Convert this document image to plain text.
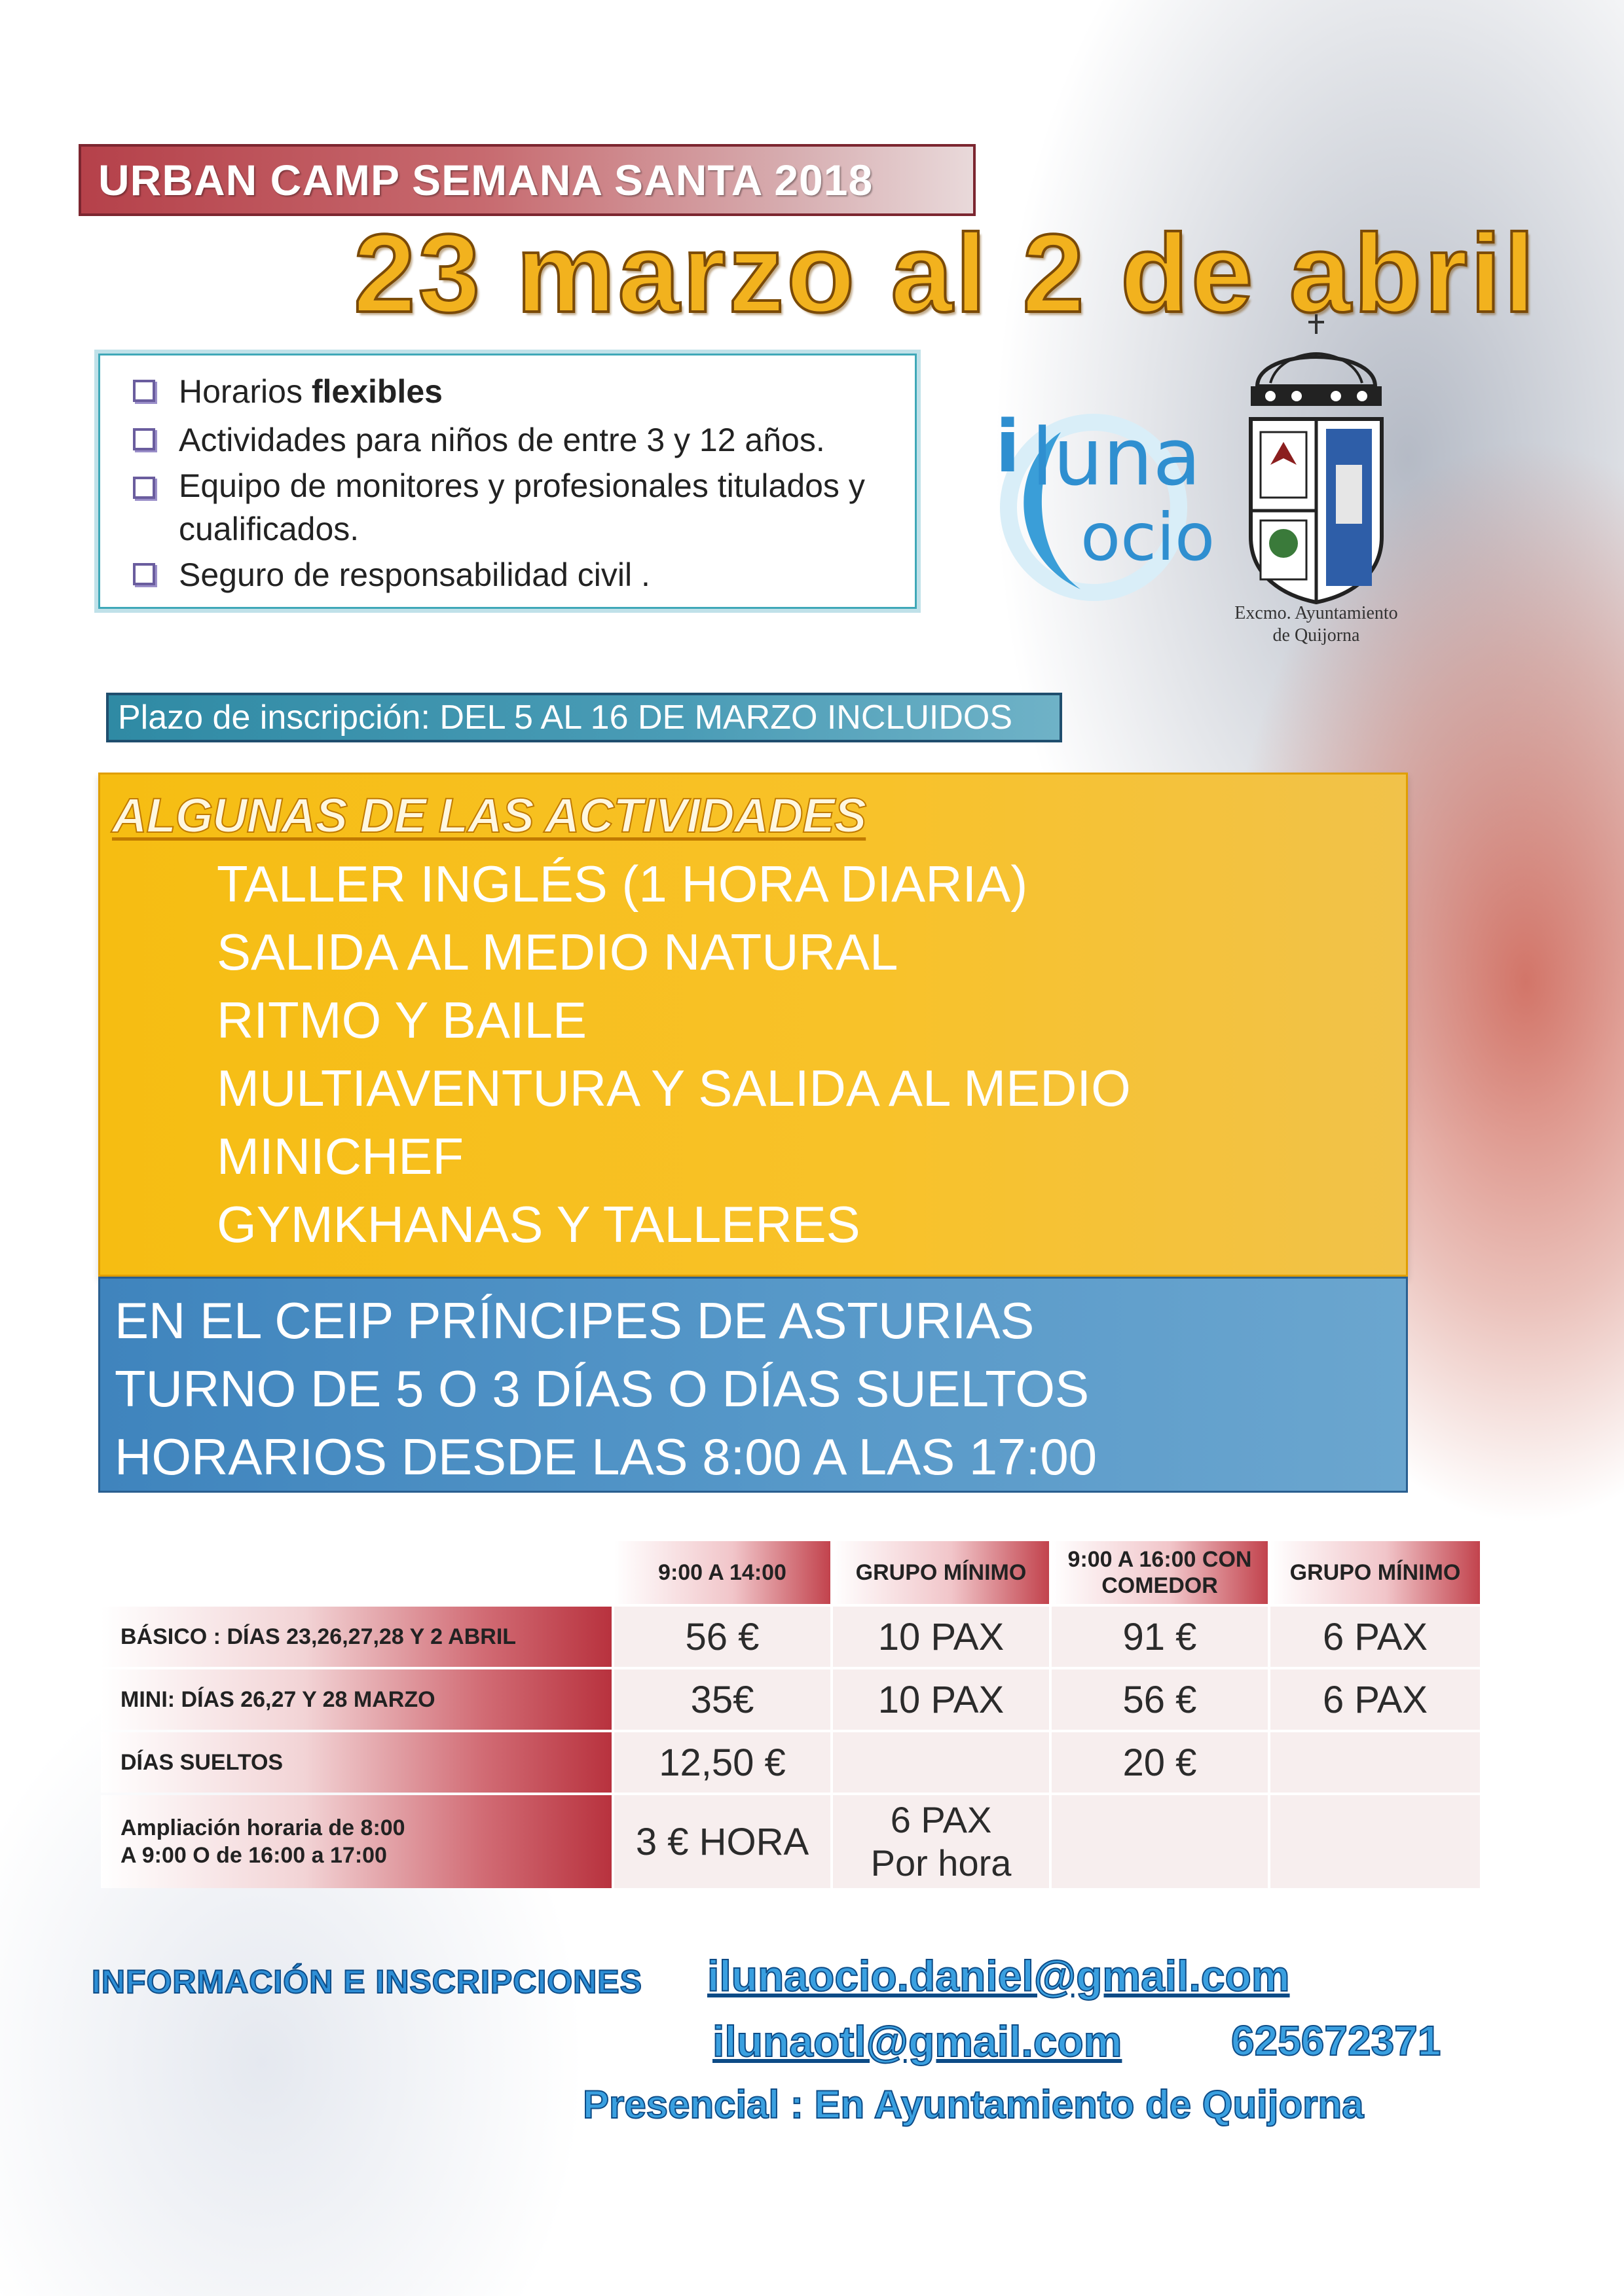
URBAN CAMP SEMANA SANTA 2018
23 marzo al 2 de abril
Horarios flexibles
Actividades para niños de entre 3 y 12 años.
Equipo de monitores y profesionales titulados y cualificados.
Seguro de responsabilidad civil .
i luna
ocio
Excmo. Ayuntamiento
de Quijorna
Plazo de inscripción:
DEL 5 AL 16 DE MARZO INCLUIDOS
ALGUNAS DE LAS ACTIVIDADES
TALLER INGLÉS (1 HORA DIARIA)
SALIDA AL MEDIO NATURAL
RITMO Y BAILE
MULTIAVENTURA Y SALIDA AL MEDIO
MINICHEF
GYMKHANAS Y TALLERES
EN EL CEIP PRÍNCIPES DE ASTURIAS
TURNO DE 5 O 3 DÍAS O DÍAS SUELTOS
HORARIOS DESDE LAS 8:00 A LAS 17:00
	9:00 A 14:00	GRUPO MÍNIMO	9:00 A 16:00 CON COMEDOR	GRUPO MÍNIMO
BÁSICO : DÍAS 23,26,27,28 Y 2 ABRIL	56 €	10 PAX	91 €	6 PAX
MINI: DÍAS 26,27 Y 28 MARZO	35€	10 PAX	56 €	6 PAX
DÍAS SUELTOS	12,50 €		20 €	
Ampliación horaria de 8:00 A 9:00 O de 16:00 a 17:00	3 € HORA	6 PAX Por hora		
INFORMACIÓN E INSCRIPCIONES ilunaocio.daniel@gmail.com
ilunaotl@gmail.com	625672371
Presencial : En Ayuntamiento de Quijorna
